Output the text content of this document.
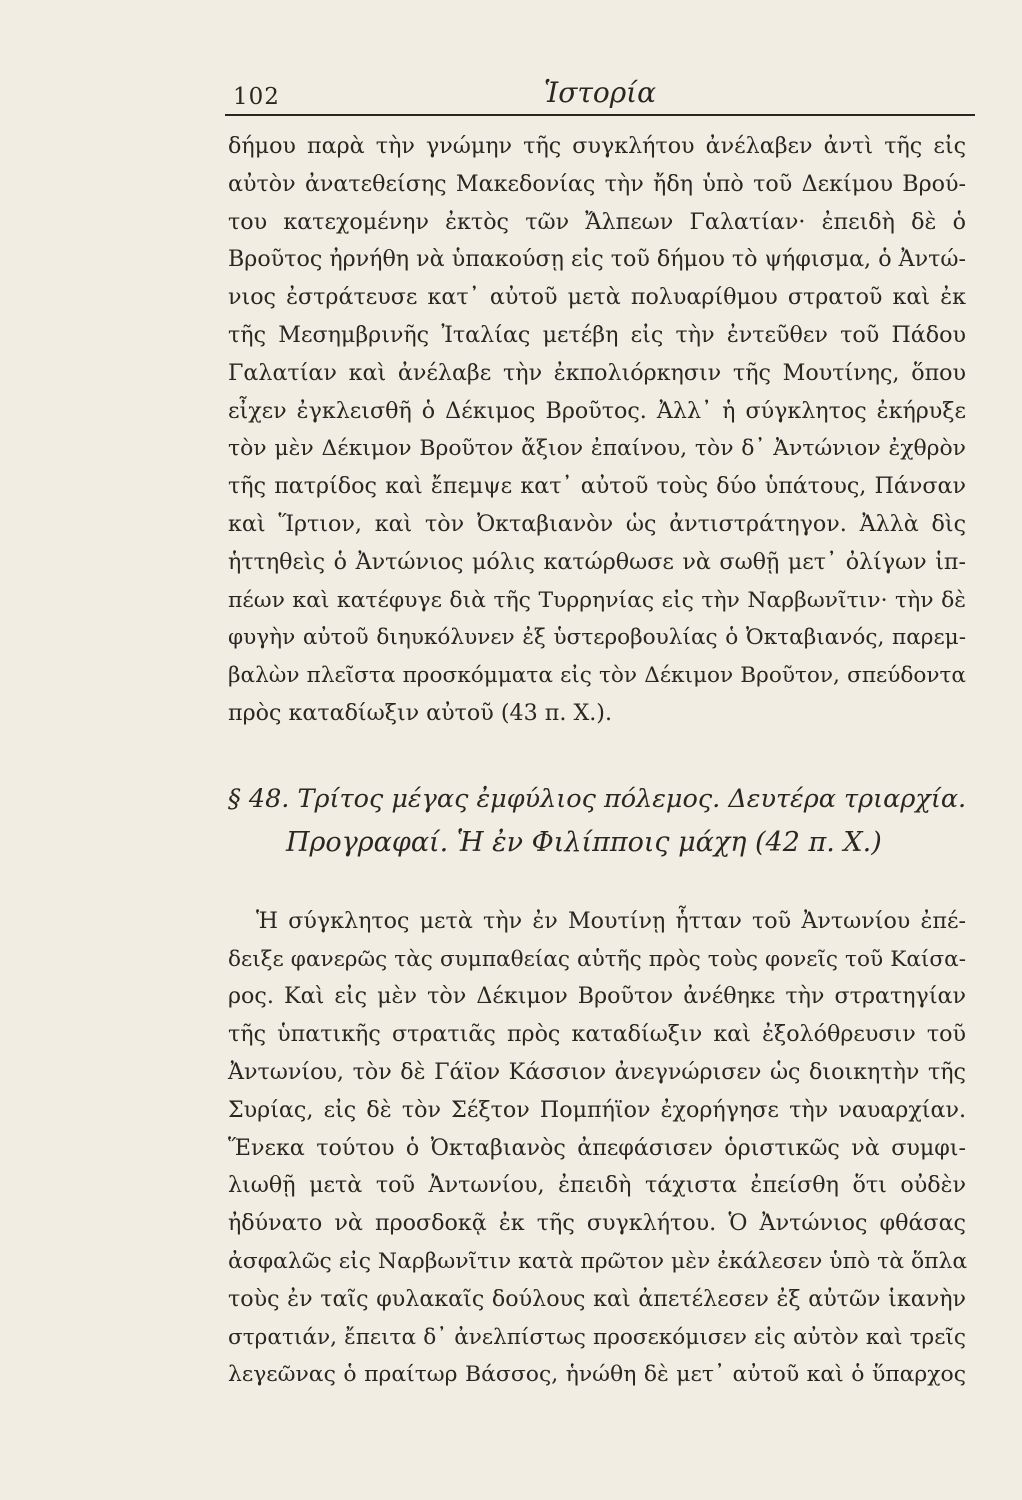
102	Ἱστορία

δήμου παρὰ τὴν γνώμην τῆς συγκλήτου ἀνέλαβεν ἀντὶ τῆς εἰς

αὐτὸν ἀνατεθείσης Μακεδονίας τὴν ἤδη ὑπὸ τοῦ Δεκίμου Βρού-

του κατεχομένην ἐκτὸς τῶν Ἄλπεων Γαλατίαν· ἐπειδὴ δὲ ὁ

Βροῦτος ἠρνήθη νὰ ὑπακούσῃ εἰς τοῦ δήμου τὸ ψήφισμα, ὁ Ἀντώ-

νιος ἐστράτευσε κατ᾽ αὐτοῦ μετὰ πολυαρίθμου στρατοῦ καὶ ἐκ

τῆς Μεσημβρινῆς Ἰταλίας μετέβη εἰς τὴν ἐντεῦθεν τοῦ Πάδου

Γαλατίαν καὶ ἀνέλαβε τὴν ἐκπολιόρκησιν τῆς Μουτίνης, ὅπου

εἶχεν ἐγκλεισθῆ ὁ Δέκιμος Βροῦτος. Ἀλλ᾽ ἡ σύγκλητος ἐκήρυξε

τὸν μὲν Δέκιμον Βροῦτον ἄξιον ἐπαίνου, τὸν δ᾽ Ἀντώνιον ἐχθρὸν

τῆς πατρίδος καὶ ἔπεμψε κατ᾽ αὐτοῦ τοὺς δύο ὑπάτους, Πάνσαν

καὶ Ἵρτιον, καὶ τὸν Ὀκταβιανὸν ὡς ἀντιστράτηγον. Ἀλλὰ δὶς

ἡττηθεὶς ὁ Ἀντώνιος μόλις κατώρθωσε νὰ σωθῇ μετ᾽ ὀλίγων ἱπ-

πέων καὶ κατέφυγε διὰ τῆς Τυρρηνίας εἰς τὴν Ναρβωνῖτιν· τὴν δὲ

φυγὴν αὐτοῦ διηυκόλυνεν ἐξ ὑστεροβουλίας ὁ Ὀκταβιανός, παρεμ-

βαλὼν πλεῖστα προσκόμματα εἰς τὸν Δέκιμον Βροῦτον, σπεύδοντα

πρὸς καταδίωξιν αὐτοῦ (43 π. Χ.).

§ 48. Τρίτος μέγας ἐμφύλιος πόλεμος. Δευτέρα τριαρχία.

Προγραφαί. Ἡ ἐν Φιλίπποις μάχη (42 π. Χ.)

Ἡ σύγκλητος μετὰ τὴν ἐν Μουτίνῃ ἧτταν τοῦ Ἀντωνίου ἐπέ-

δειξε φανερῶς τὰς συμπαθείας αὑτῆς πρὸς τοὺς φονεῖς τοῦ Καίσα-

ρος. Καὶ εἰς μὲν τὸν Δέκιμον Βροῦτον ἀνέθηκε τὴν στρατηγίαν

τῆς ὑπατικῆς στρατιᾶς πρὸς καταδίωξιν καὶ ἐξολόθρευσιν τοῦ

Ἀντωνίου, τὸν δὲ Γάϊον Κάσσιον ἀνεγνώρισεν ὡς διοικητὴν τῆς

Συρίας, εἰς δὲ τὸν Σέξτον Πομπήϊον ἐχορήγησε τὴν ναυαρχίαν.

Ἕνεκα τούτου ὁ Ὀκταβιανὸς ἀπεφάσισεν ὁριστικῶς νὰ συμφι-

λιωθῇ μετὰ τοῦ Ἀντωνίου, ἐπειδὴ τάχιστα ἐπείσθη ὅτι οὐδὲν

ἠδύνατο νὰ προσδοκᾷ ἐκ τῆς συγκλήτου. Ὁ Ἀντώνιος φθάσας

ἀσφαλῶς εἰς Ναρβωνῖτιν κατὰ πρῶτον μὲν ἐκάλεσεν ὑπὸ τὰ ὅπλα

τοὺς ἐν ταῖς φυλακαῖς δούλους καὶ ἀπετέλεσεν ἐξ αὐτῶν ἱκανὴν

στρατιάν, ἔπειτα δ᾽ ἀνελπίστως προσεκόμισεν εἰς αὐτὸν καὶ τρεῖς

λεγεῶνας ὁ πραίτωρ Βάσσος, ἡνώθη δὲ μετ᾽ αὐτοῦ καὶ ὁ ὕπαρχος
